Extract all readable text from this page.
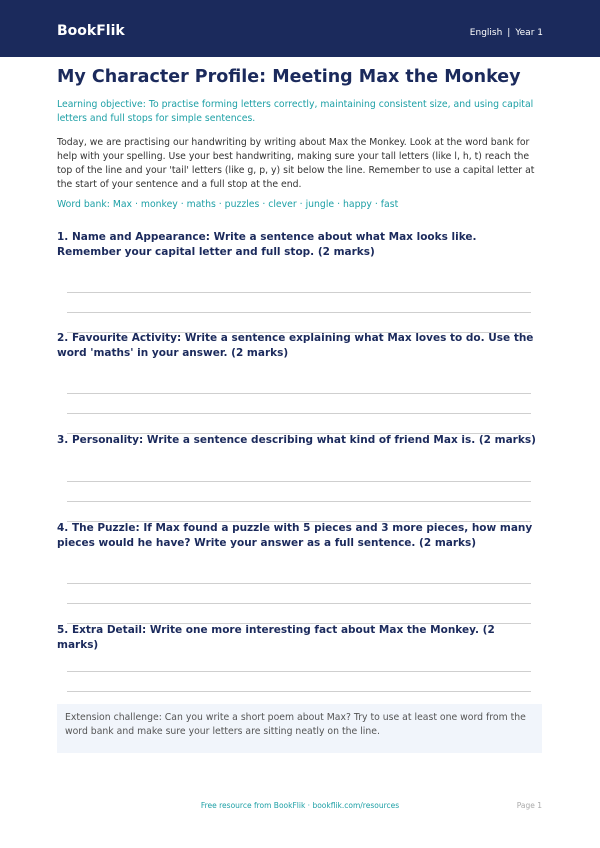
BookFlik	English | Year 1
My Character Profile: Meeting Max the Monkey

Learning objective: To practise forming letters correctly, maintaining consistent size, and using capital letters and full stops for simple sentences.

Today, we are practising our handwriting by writing about Max the Monkey. Look at the word bank for help with your spelling. Use your best handwriting, making sure your tall letters (like l, h, t) reach the top of the line and your 'tail' letters (like g, p, y) sit below the line. Remember to use a capital letter at the start of your sentence and a full stop at the end.

Word bank: Max · monkey · maths · puzzles · clever · jungle · happy · fast

1. Name and Appearance: Write a sentence about what Max looks like. Remember your capital letter and full stop. (2 marks)

2. Favourite Activity: Write a sentence explaining what Max loves to do. Use the word 'maths' in your answer. (2 marks)

3. Personality: Write a sentence describing what kind of friend Max is. (2 marks)

4. The Puzzle: If Max found a puzzle with 5 pieces and 3 more pieces, how many pieces would he have? Write your answer as a full sentence. (2 marks)

5. Extra Detail: Write one more interesting fact about Max the Monkey. (2 marks)

Extension challenge: Can you write a short poem about Max? Try to use at least one word from the word bank and make sure your letters are sitting neatly on the line.

Free resource from BookFlik · bookflik.com/resources	Page 1
